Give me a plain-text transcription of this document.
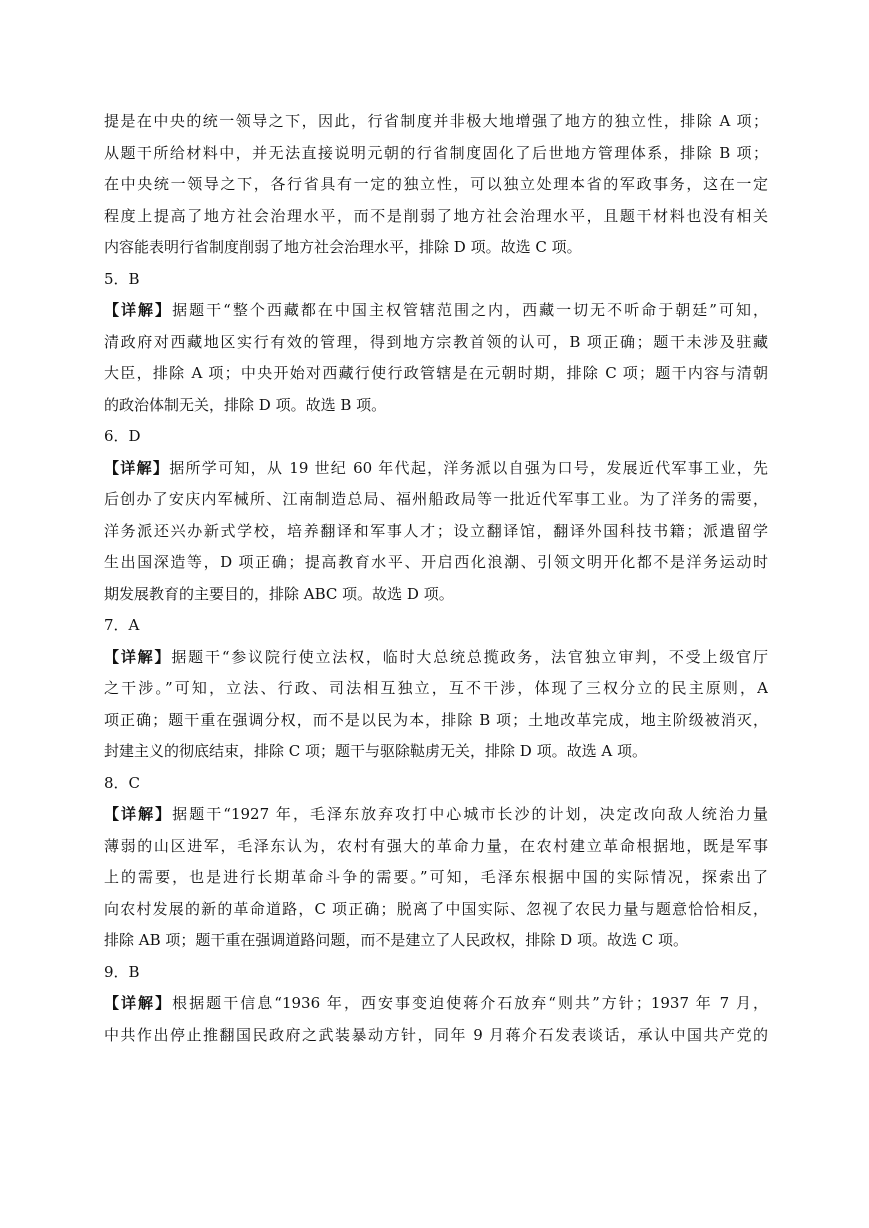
提是在中央的统一领导之下，因此，行省制度并非极大地增强了地方的独立性，排除 A 项；
从题干所给材料中，并无法直接说明元朝的行省制度固化了后世地方管理体系，排除 B 项；
在中央统一领导之下，各行省具有一定的独立性，可以独立处理本省的军政事务，这在一定
程度上提高了地方社会治理水平，而不是削弱了地方社会治理水平，且题干材料也没有相关
内容能表明行省制度削弱了地方社会治理水平，排除 D 项。故选 C 项。
5．B
【详解】据题干“整个西藏都在中国主权管辖范围之内，西藏一切无不听命于朝廷”可知，
清政府对西藏地区实行有效的管理，得到地方宗教首领的认可，B 项正确；题干未涉及驻藏
大臣，排除 A 项；中央开始对西藏行使行政管辖是在元朝时期，排除 C 项；题干内容与清朝
的政治体制无关，排除 D 项。故选 B 项。
6．D
【详解】据所学可知，从 19 世纪 60 年代起，洋务派以自强为口号，发展近代军事工业，先
后创办了安庆内军械所、江南制造总局、福州船政局等一批近代军事工业。为了洋务的需要，
洋务派还兴办新式学校，培养翻译和军事人才；设立翻译馆，翻译外国科技书籍；派遣留学
生出国深造等，D 项正确；提高教育水平、开启西化浪潮、引领文明开化都不是洋务运动时
期发展教育的主要目的，排除 ABC 项。故选 D 项。
7．A
【详解】据题干“参议院行使立法权，临时大总统总揽政务，法官独立审判，不受上级官厅
之干涉。”可知，立法、行政、司法相互独立，互不干涉，体现了三权分立的民主原则，A
项正确；题干重在强调分权，而不是以民为本，排除 B 项；土地改革完成，地主阶级被消灭，
封建主义的彻底结束，排除 C 项；题干与驱除鞑虏无关，排除 D 项。故选 A 项。
8．C
【详解】据题干“1927 年，毛泽东放弃攻打中心城市长沙的计划，决定改向敌人统治力量
薄弱的山区进军，毛泽东认为，农村有强大的革命力量，在农村建立革命根据地，既是军事
上的需要，也是进行长期革命斗争的需要。”可知，毛泽东根据中国的实际情况，探索出了
向农村发展的新的革命道路，C 项正确；脱离了中国实际、忽视了农民力量与题意恰恰相反，
排除 AB 项；题干重在强调道路问题，而不是建立了人民政权，排除 D 项。故选 C 项。
9．B
【详解】根据题干信息“1936 年，西安事变迫使蒋介石放弃“则共”方针；1937 年 7 月，
中共作出停止推翻国民政府之武装暴动方针，同年 9 月蒋介石发表谈话，承认中国共产党的
